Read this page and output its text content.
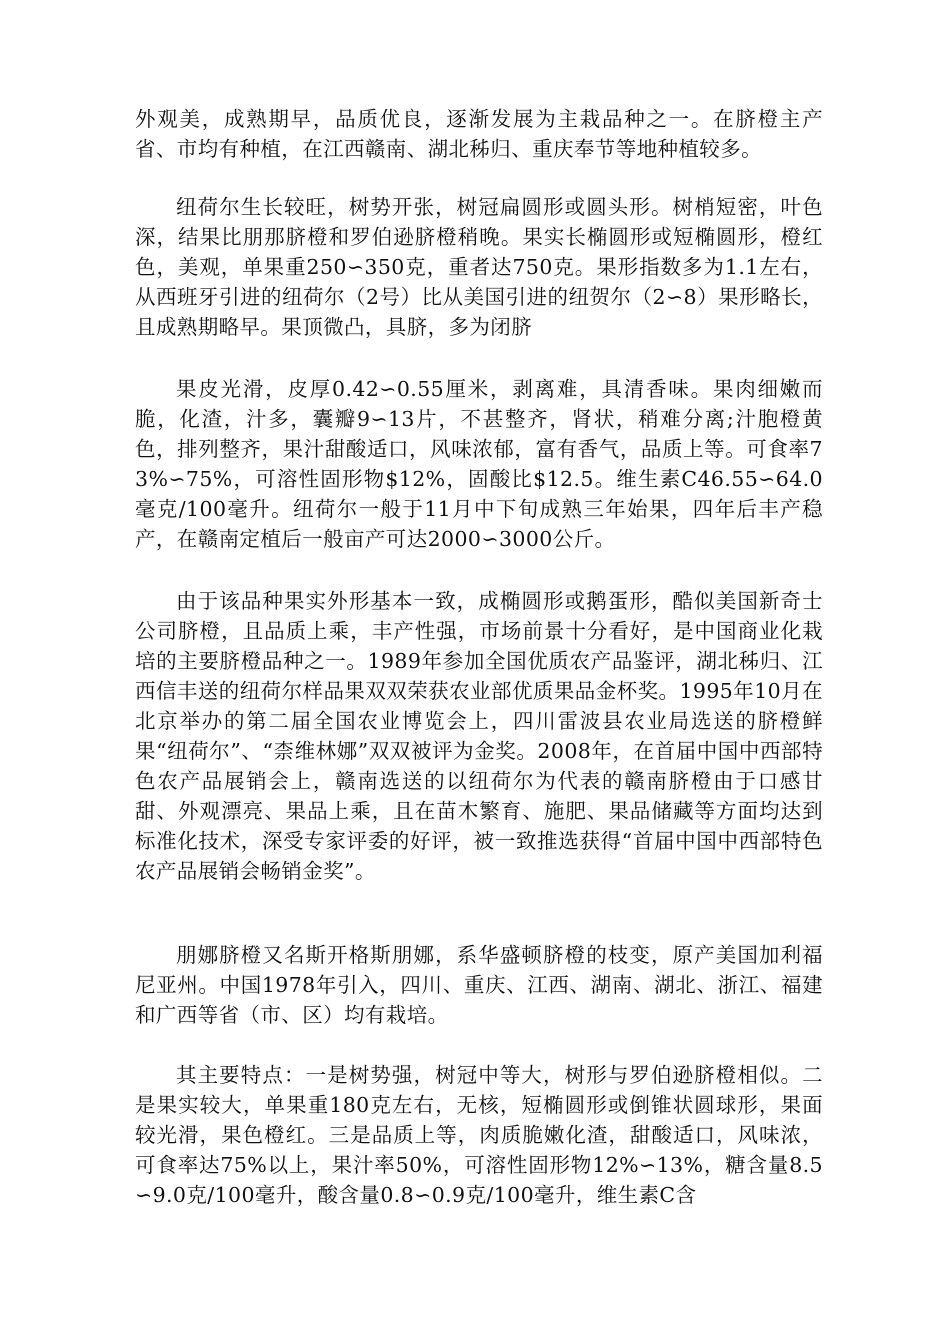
外观美，成熟期早，品质优良，逐渐发展为主栽品种之一。在脐橙主产省、市均有种植，在江西赣南、湖北秭归、重庆奉节等地种植较多。

纽荷尔生长较旺，树势开张，树冠扁圆形或圆头形。树梢短密，叶色深，结果比朋那脐橙和罗伯逊脐橙稍晚。果实长椭圆形或短椭圆形，橙红色，美观，单果重250∽350克，重者达750克。果形指数多为1.1左右，从西班牙引进的纽荷尔（2号）比从美国引进的纽贺尔（2∽8）果形略长，且成熟期略早。果顶微凸，具脐，多为闭脐

果皮光滑，皮厚0.42∽0.55厘米，剥离难，具清香味。果肉细嫩而脆，化渣，汁多，囊瓣9∽13片，不甚整齐，肾状，稍难分离;汁胞橙黄色，排列整齐，果汁甜酸适口，风味浓郁，富有香气，品质上等。可食率73%∽75%，可溶性固形物$12%，固酸比$12.5。维生素C46.55∽64.0毫克/100毫升。纽荷尔一般于11月中下旬成熟三年始果，四年后丰产稳产，在赣南定植后一般亩产可达2000∽3000公斤。

由于该品种果实外形基本一致，成椭圆形或鹅蛋形，酷似美国新奇士公司脐橙，且品质上乘，丰产性强，市场前景十分看好，是中国商业化栽培的主要脐橙品种之一。1989年参加全国优质农产品鉴评，湖北秭归、江西信丰送的纽荷尔样品果双双荣获农业部优质果品金杯奖。1995年10月在北京举办的第二届全国农业博览会上，四川雷波县农业局选送的脐橙鲜果“纽荷尔”、“柰维林娜”双双被评为金奖。2008年，在首届中国中西部特色农产品展销会上，赣南选送的以纽荷尔为代表的赣南脐橙由于口感甘甜、外观漂亮、果品上乘，且在苗木繁育、施肥、果品储藏等方面均达到标准化技术，深受专家评委的好评，被一致推选获得“首届中国中西部特色农产品展销会畅销金奖”。

朋娜脐橙又名斯开格斯朋娜，系华盛顿脐橙的枝变，原产美国加利福尼亚州。中国1978年引入，四川、重庆、江西、湖南、湖北、浙江、福建和广西等省（市、区）均有栽培。

其主要特点：一是树势强，树冠中等大，树形与罗伯逊脐橙相似。二是果实较大，单果重180克左右，无核，短椭圆形或倒锥状圆球形，果面较光滑，果色橙红。三是品质上等，肉质脆嫩化渣，甜酸适口，风味浓，可食率达75%以上，果汁率50%，可溶性固形物12%∽13%，糖含量8.5∽9.0克/100毫升，酸含量0.8∽0.9克/100毫升，维生素C含
